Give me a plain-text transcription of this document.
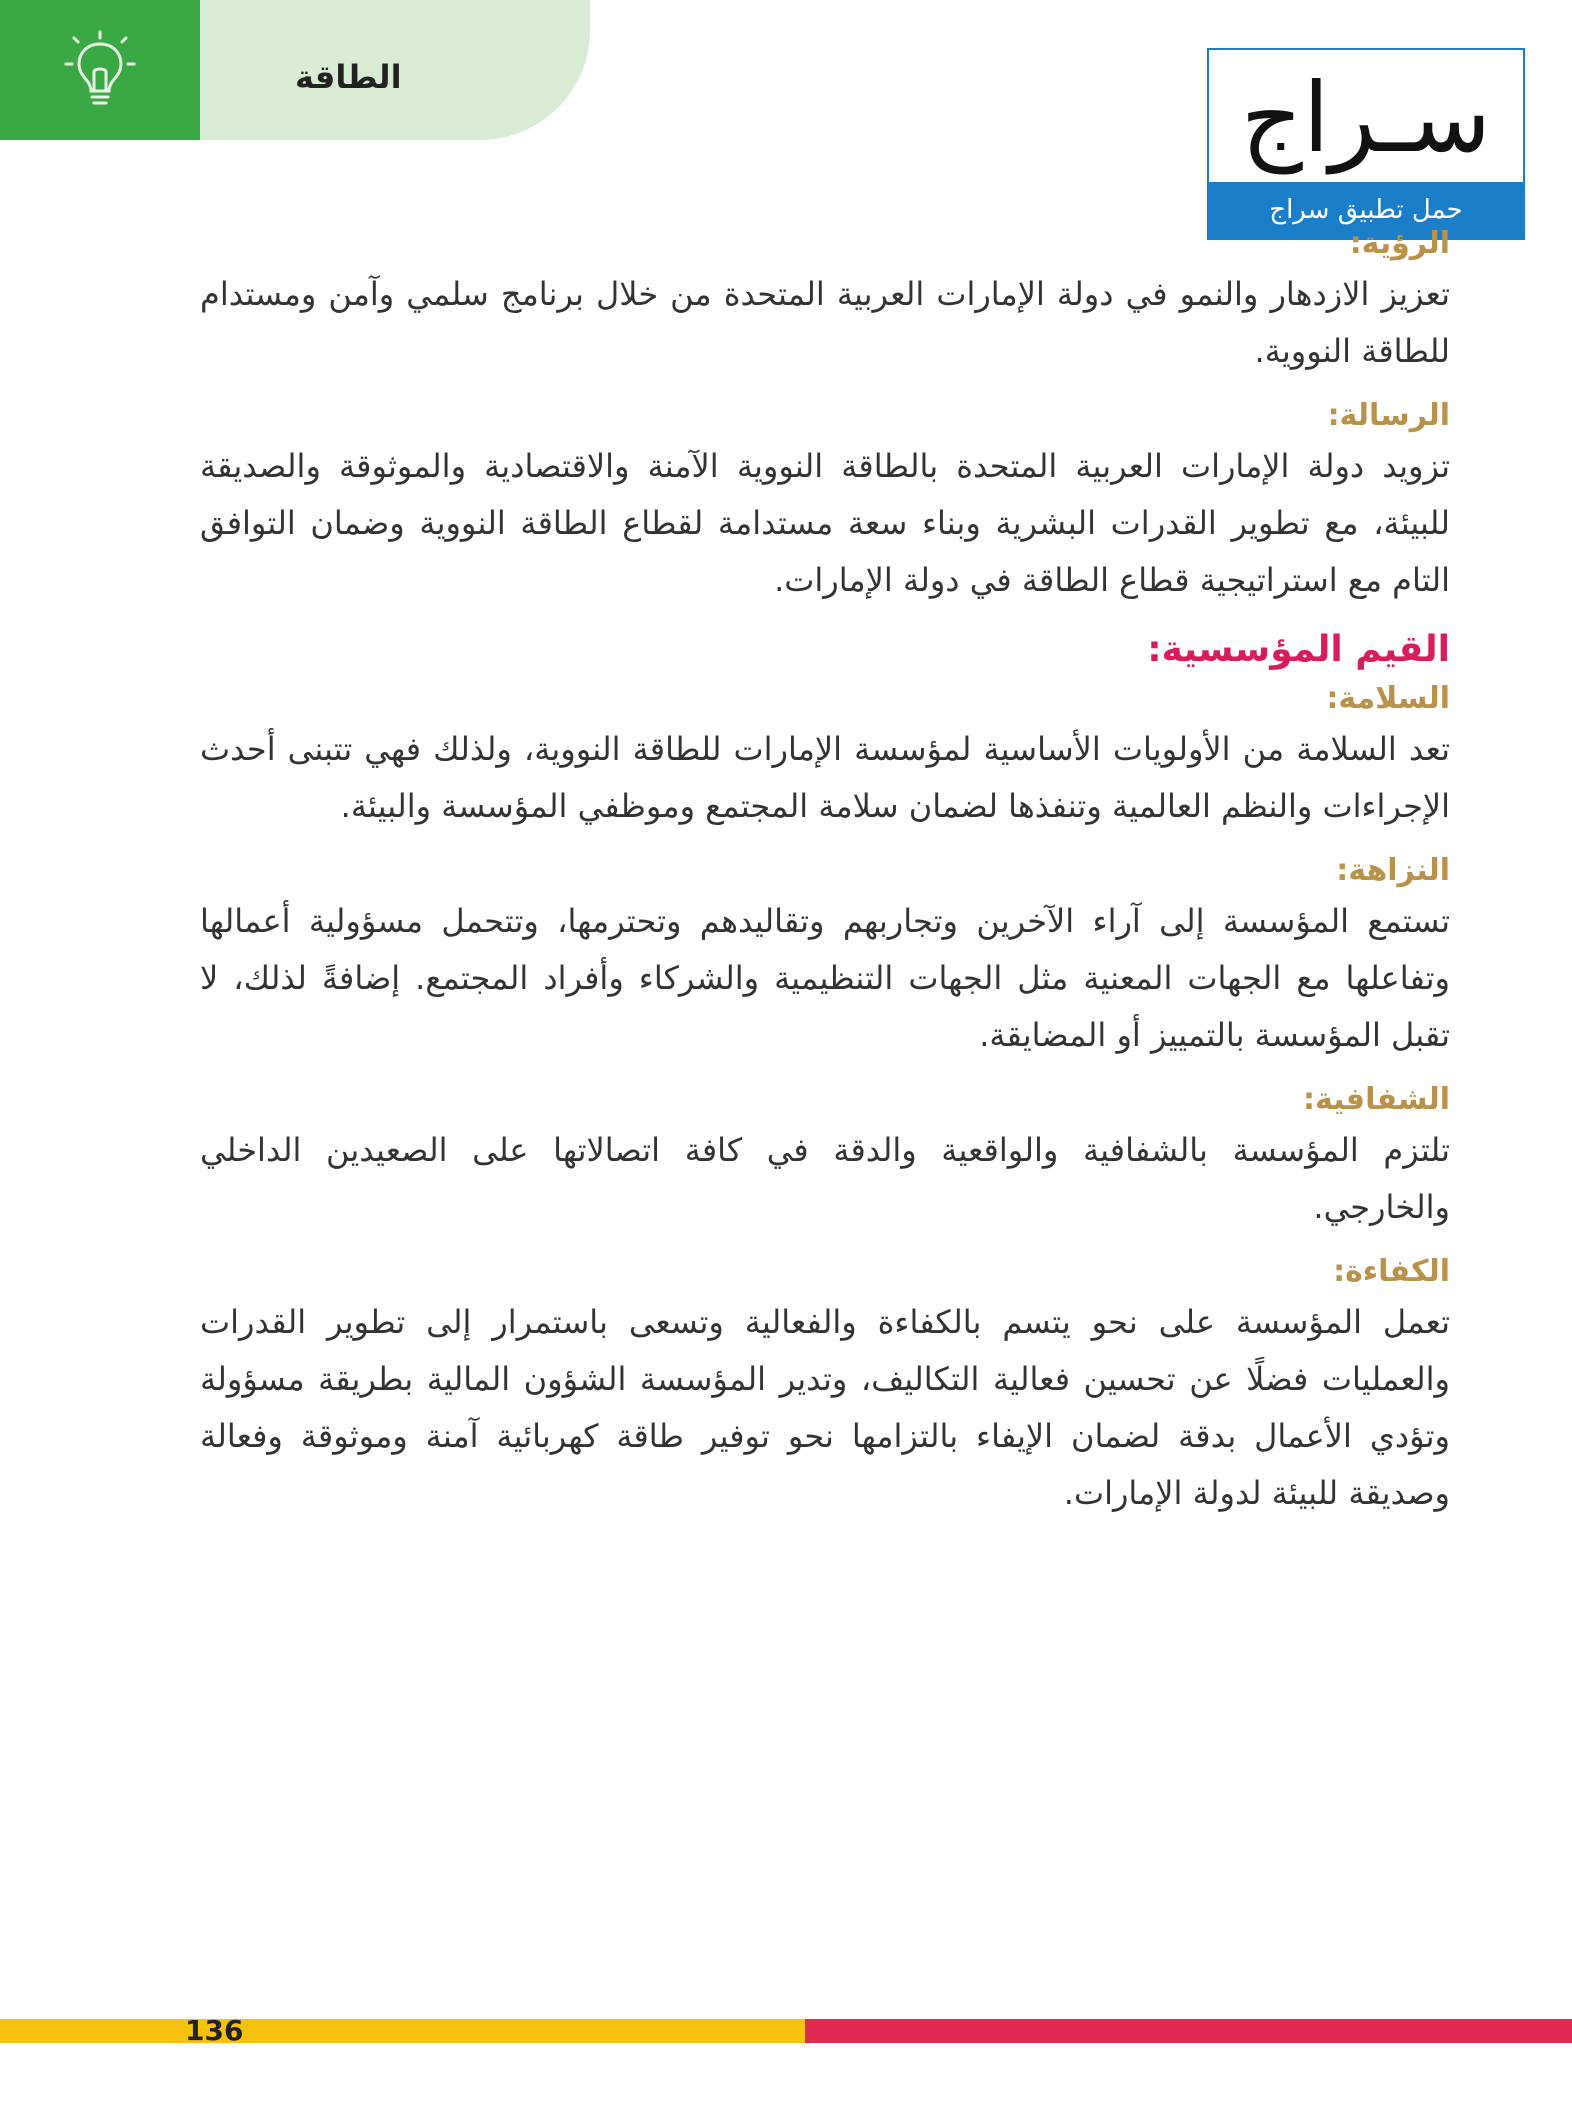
الطاقة	سـراج
حمل تطبيق سراج
الرؤية:

تعزيز الازدهار والنمو في دولة الإمارات العربية المتحدة من خلال برنامج سلمي وآمن ومستدام للطاقة النووية.

الرسالة:

تزويد دولة الإمارات العربية المتحدة بالطاقة النووية الآمنة والاقتصادية والموثوقة والصديقة للبيئة، مع تطوير القدرات البشرية وبناء سعة مستدامة لقطاع الطاقة النووية وضمان التوافق التام مع استراتيجية قطاع الطاقة في دولة الإمارات.

القيم المؤسسية:
السلامة:

تعد السلامة من الأولويات الأساسية لمؤسسة الإمارات للطاقة النووية، ولذلك فهي تتبنى أحدث الإجراءات والنظم العالمية وتنفذها لضمان سلامة المجتمع وموظفي المؤسسة والبيئة.

النزاهة:

تستمع المؤسسة إلى آراء الآخرين وتجاربهم وتقاليدهم وتحترمها، وتتحمل مسؤولية أعمالها وتفاعلها مع الجهات المعنية مثل الجهات التنظيمية والشركاء وأفراد المجتمع. إضافةً لذلك، لا تقبل المؤسسة بالتمييز أو المضايقة.

الشفافية:

تلتزم المؤسسة بالشفافية والواقعية والدقة في كافة اتصالاتها على الصعيدين الداخلي والخارجي.

الكفاءة:

تعمل المؤسسة على نحو يتسم بالكفاءة والفعالية وتسعى باستمرار إلى تطوير القدرات والعمليات فضلًا عن تحسين فعالية التكاليف، وتدير المؤسسة الشؤون المالية بطريقة مسؤولة وتؤدي الأعمال بدقة لضمان الإيفاء بالتزامها نحو توفير طاقة كهربائية آمنة وموثوقة وفعالة وصديقة للبيئة لدولة الإمارات.

136
